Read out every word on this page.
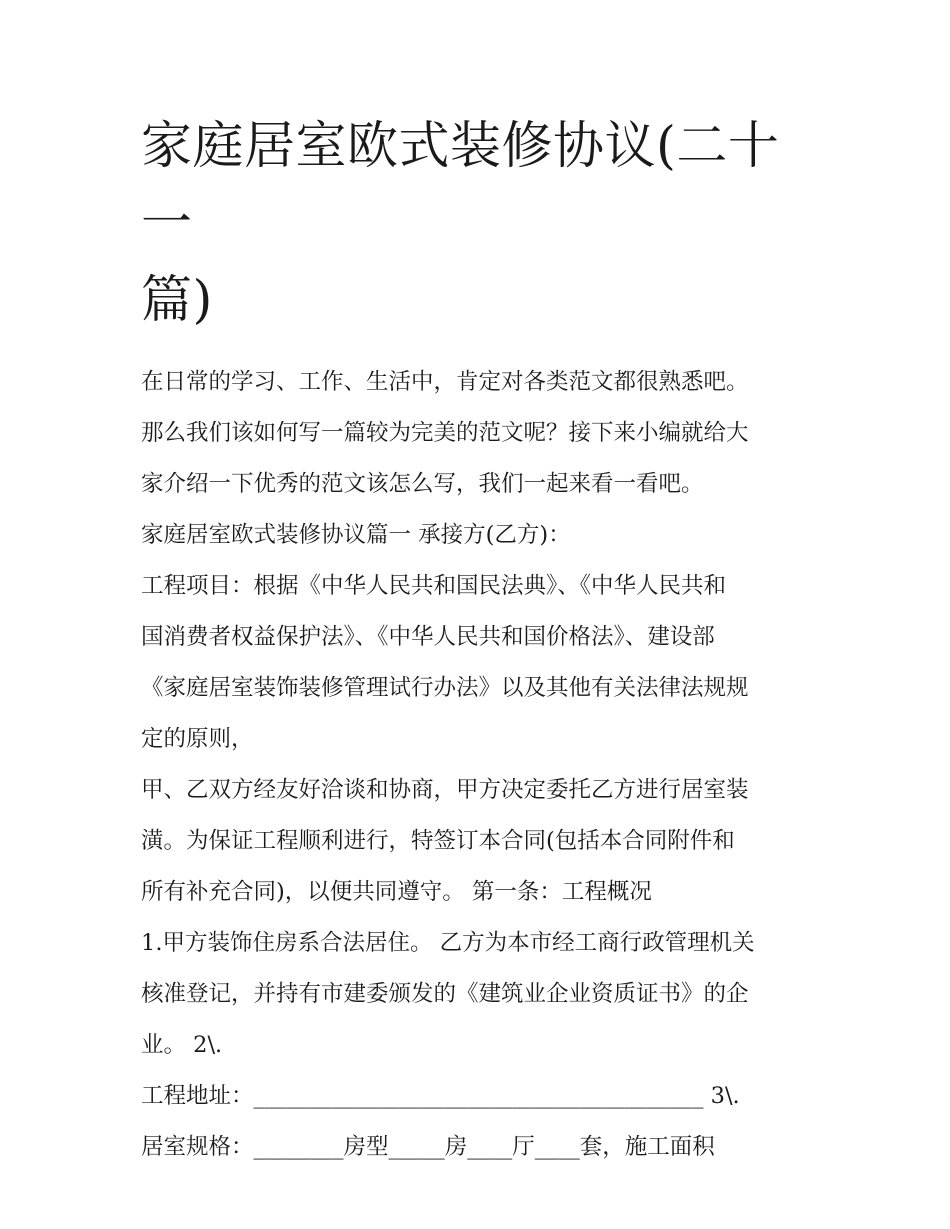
家庭居室欧式装修协议(二十一
篇)

在日常的学习、工作、生活中，肯定对各类范文都很熟悉吧。

那么我们该如何写一篇较为完美的范文呢？接下来小编就给大

家介绍一下优秀的范文该怎么写，我们一起来看一看吧。

家庭居室欧式装修协议篇一 承接方(乙方)：

工程项目：根据《中华人民共和国民法典》、《中华人民共和

国消费者权益保护法》、《中华人民共和国价格法》、建设部

《家庭居室装饰装修管理试行办法》以及其他有关法律法规规

定的原则，

甲、乙双方经友好洽谈和协商，甲方决定委托乙方进行居室装

潢。为保证工程顺利进行，特签订本合同(包括本合同附件和

所有补充合同)，以便共同遵守。 第一条：工程概况

1.甲方装饰住房系合法居住。 乙方为本市经工商行政管理机关

核准登记，并持有市建委颁发的《建筑业企业资质证书》的企

业。 2\.

工程地址：________________________________________ 3\.

居室规格：________房型_____房____厅____套，施工面积
